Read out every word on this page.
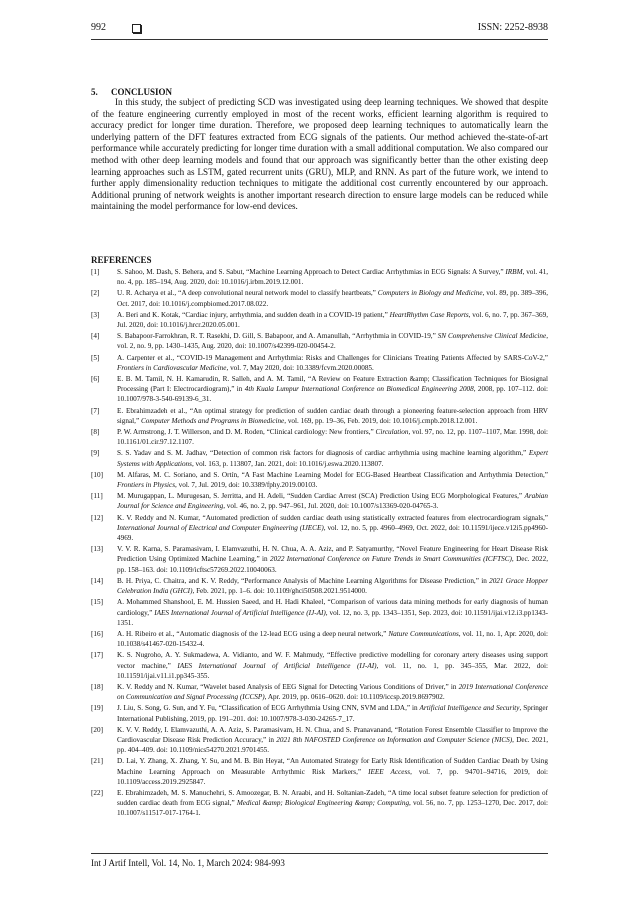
992	ISSN: 2252-8938
5. CONCLUSION

In this study, the subject of predicting SCD was investigated using deep learning techniques. We showed that despite of the feature engineering currently employed in most of the recent works, efficient learning algorithm is required to accuracy predict for longer time duration. Therefore, we proposed deep learning techniques to automatically learn the underlying pattern of the DFT features extracted from ECG signals of the patients. Our method achieved the-state-of-art performance while accurately predicting for longer time duration with a small additional computation. We also compared our method with other deep learning models and found that our approach was significantly better than the other existing deep learning approaches such as LSTM, gated recurrent units (GRU), MLP, and RNN. As part of the future work, we intend to further apply dimensionality reduction techniques to mitigate the additional cost currently encountered by our approach. Additional pruning of network weights is another important research direction to ensure large models can be reduced while maintaining the model performance for low-end devices.

REFERENCES
[1] S. Sahoo, M. Dash, S. Behera, and S. Sabut, “Machine Learning Approach to Detect Cardiac Arrhythmias in ECG Signals: A Survey,” IRBM, vol. 41, no. 4, pp. 185–194, Aug. 2020, doi: 10.1016/j.irbm.2019.12.001.
[2] U. R. Acharya et al., “A deep convolutional neural network model to classify heartbeats,” Computers in Biology and Medicine, vol. 89, pp. 389–396, Oct. 2017, doi: 10.1016/j.compbiomed.2017.08.022.
[3] A. Beri and K. Kotak, “Cardiac injury, arrhythmia, and sudden death in a COVID-19 patient,” HeartRhythm Case Reports, vol. 6, no. 7, pp. 367–369, Jul. 2020, doi: 10.1016/j.hrcr.2020.05.001.
[4] S. Babapoor-Farrokhran, R. T. Rasekhi, D. Gill, S. Babapoor, and A. Amanullah, “Arrhythmia in COVID-19,” SN Comprehensive Clinical Medicine, vol. 2, no. 9, pp. 1430–1435, Aug. 2020, doi: 10.1007/s42399-020-00454-2.
[5] A. Carpenter et al., “COVID-19 Management and Arrhythmia: Risks and Challenges for Clinicians Treating Patients Affected by SARS-CoV-2,” Frontiers in Cardiovascular Medicine, vol. 7, May 2020, doi: 10.3389/fcvm.2020.00085.
[6] E. B. M. Tamil, N. H. Kamarudin, R. Salleh, and A. M. Tamil, “A Review on Feature Extraction &amp; Classification Techniques for Biosignal Processing (Part I: Electrocardiogram),” in 4th Kuala Lumpur International Conference on Biomedical Engineering 2008, 2008, pp. 107–112. doi: 10.1007/978-3-540-69139-6_31.
[7] E. Ebrahimzadeh et al., “An optimal strategy for prediction of sudden cardiac death through a pioneering feature-selection approach from HRV signal,” Computer Methods and Programs in Biomedicine, vol. 169, pp. 19–36, Feb. 2019, doi: 10.1016/j.cmpb.2018.12.001.
[8] P. W. Armstrong, J. T. Willerson, and D. M. Roden, “Clinical cardiology: New frontiers,” Circulation, vol. 97, no. 12, pp. 1107–1107, Mar. 1998, doi: 10.1161/01.cir.97.12.1107.
[9] S. S. Yadav and S. M. Jadhav, “Detection of common risk factors for diagnosis of cardiac arrhythmia using machine learning algorithm,” Expert Systems with Applications, vol. 163, p. 113807, Jan. 2021, doi: 10.1016/j.eswa.2020.113807.
[10] M. Alfaras, M. C. Soriano, and S. Ortín, “A Fast Machine Learning Model for ECG-Based Heartbeat Classification and Arrhythmia Detection,” Frontiers in Physics, vol. 7, Jul. 2019, doi: 10.3389/fphy.2019.00103.
[11] M. Murugappan, L. Murugesan, S. Jerritta, and H. Adeli, “Sudden Cardiac Arrest (SCA) Prediction Using ECG Morphological Features,” Arabian Journal for Science and Engineering, vol. 46, no. 2, pp. 947–961, Jul. 2020, doi: 10.1007/s13369-020-04765-3.
[12] K. V. Reddy and N. Kumar, “Automated prediction of sudden cardiac death using statistically extracted features from electrocardiogram signals,” International Journal of Electrical and Computer Engineering (IJECE), vol. 12, no. 5, pp. 4960–4969, Oct. 2022, doi: 10.11591/ijece.v12i5.pp4960-4969.
[13] V. V. R. Karna, S. Paramasivam, I. Elamvazuthi, H. N. Chua, A. A. Aziz, and P. Satyamurthy, “Novel Feature Engineering for Heart Disease Risk Prediction Using Optimized Machine Learning,” in 2022 International Conference on Future Trends in Smart Communities (ICFTSC), Dec. 2022, pp. 158–163. doi: 10.1109/icftsc57269.2022.10040063.
[14] B. H. Priya, C. Chaitra, and K. V. Reddy, “Performance Analysis of Machine Learning Algorithms for Disease Prediction,” in 2021 Grace Hopper Celebration India (GHCI), Feb. 2021, pp. 1–6. doi: 10.1109/ghci50508.2021.9514000.
[15] A. Mohammed Shanshool, E. M. Hussien Saeed, and H. Hadi Khaleel, “Comparison of various data mining methods for early diagnosis of human cardiology,” IAES International Journal of Artificial Intelligence (IJ-AI), vol. 12, no. 3, pp. 1343–1351, Sep. 2023, doi: 10.11591/ijai.v12.i3.pp1343-1351.
[16] A. H. Ribeiro et al., “Automatic diagnosis of the 12-lead ECG using a deep neural network,” Nature Communications, vol. 11, no. 1, Apr. 2020, doi: 10.1038/s41467-020-15432-4.
[17] K. S. Nugroho, A. Y. Sukmadewa, A. Vidianto, and W. F. Mahmudy, “Effective predictive modelling for coronary artery diseases using support vector machine,” IAES International Journal of Artificial Intelligence (IJ-AI), vol. 11, no. 1, pp. 345–355, Mar. 2022, doi: 10.11591/ijai.v11.i1.pp345-355.
[18] K. V. Reddy and N. Kumar, “Wavelet based Analysis of EEG Signal for Detecting Various Conditions of Driver,” in 2019 International Conference on Communication and Signal Processing (ICCSP), Apr. 2019, pp. 0616–0620. doi: 10.1109/iccsp.2019.8697902.
[19] J. Liu, S. Song, G. Sun, and Y. Fu, “Classification of ECG Arrhythmia Using CNN, SVM and LDA,” in Artificial Intelligence and Security, Springer International Publishing, 2019, pp. 191–201. doi: 10.1007/978-3-030-24265-7_17.
[20] K. V. V. Reddy, I. Elamvazuthi, A. A. Aziz, S. Paramasivam, H. N. Chua, and S. Pranavanand, “Rotation Forest Ensemble Classifier to Improve the Cardiovascular Disease Risk Prediction Accuracy,” in 2021 8th NAFOSTED Conference on Information and Computer Science (NICS), Dec. 2021, pp. 404–409. doi: 10.1109/nics54270.2021.9701455.
[21] D. Lai, Y. Zhang, X. Zhang, Y. Su, and M. B. Bin Heyat, “An Automated Strategy for Early Risk Identification of Sudden Cardiac Death by Using Machine Learning Approach on Measurable Arrhythmic Risk Markers,” IEEE Access, vol. 7, pp. 94701–94716, 2019, doi: 10.1109/access.2019.2925847.
[22] E. Ebrahimzadeh, M. S. Manuchehri, S. Amoozegar, B. N. Araabi, and H. Soltanian-Zadeh, “A time local subset feature selection for prediction of sudden cardiac death from ECG signal,” Medical &amp; Biological Engineering &amp; Computing, vol. 56, no. 7, pp. 1253–1270, Dec. 2017, doi: 10.1007/s11517-017-1764-1.
Int J Artif Intell, Vol. 14, No. 1, March 2024: 984-993
